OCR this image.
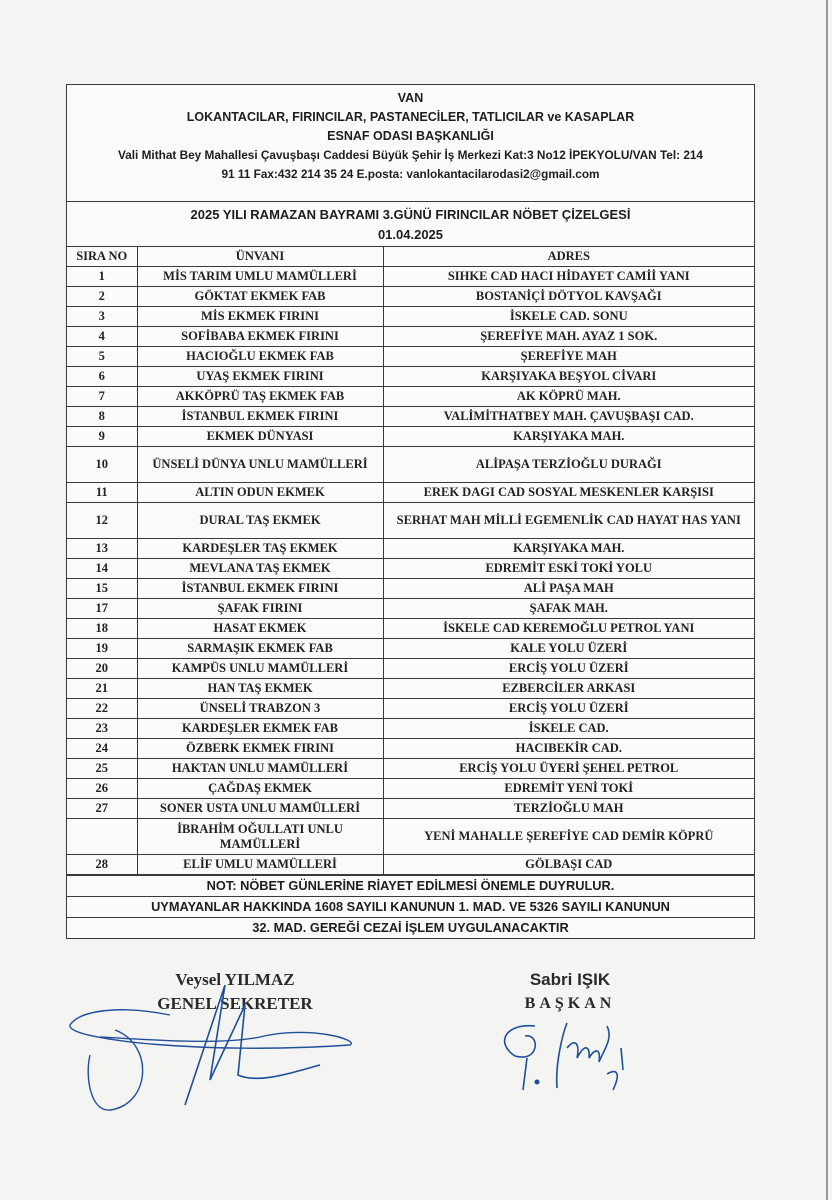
VAN
LOKANTACILAR, FIRINCILAR, PASTANECİLER, TATLICILAR ve KASAPLAR
ESNAF ODASI BAŞKANLIĞI
Vali Mithat Bey Mahallesi Çavuşbaşı Caddesi Büyük Şehir İş Merkezi Kat:3 No12 İPEKYOLU/VAN Tel: 214
91 11 Fax:432 214 35 24 E.posta: vanlokantacilarodasi2@gmail.com
2025 YILI RAMAZAN BAYRAMI 3.GÜNÜ FIRINCILAR NÖBET ÇİZELGESİ
01.04.2025
SIRA NO	ÜNVANI	ADRES
1	MİS TARIM UMLU MAMÜLLERİ	SIHKE CAD HACI HİDAYET CAMİİ YANI
2	GÖKTAT EKMEK FAB	BOSTANİÇİ DÖTYOL KAVŞAĞI
3	MİS EKMEK FIRINI	İSKELE CAD. SONU
4	SOFİBABA EKMEK FIRINI	ŞEREFİYE MAH. AYAZ 1 SOK.
5	HACIOĞLU EKMEK FAB	ŞEREFİYE MAH
6	UYAŞ EKMEK FIRINI	KARŞIYAKA BEŞYOL CİVARI
7	AKKÖPRÜ TAŞ EKMEK FAB	AK KÖPRÜ MAH.
8	İSTANBUL EKMEK FIRINI	VALİMİTHATBEY MAH. ÇAVUŞBAŞI CAD.
9	EKMEK DÜNYASI	KARŞIYAKA MAH.
10	ÜNSELİ DÜNYA UNLU MAMÜLLERİ	ALİPAŞA TERZİOĞLU DURAĞI
11	ALTIN ODUN EKMEK	EREK DAGI CAD SOSYAL MESKENLER KARŞISI
12	DURAL TAŞ EKMEK	SERHAT MAH MİLLİ EGEMENLİK CAD HAYAT HAS YANI
13	KARDEŞLER TAŞ EKMEK	KARŞIYAKA MAH.
14	MEVLANA TAŞ EKMEK	EDREMİT ESKİ TOKİ YOLU
15	İSTANBUL EKMEK FIRINI	ALİ PAŞA MAH
17	ŞAFAK FIRINI	ŞAFAK MAH.
18	HASAT EKMEK	İSKELE CAD KEREMOĞLU PETROL YANI
19	SARMAŞIK EKMEK FAB	KALE YOLU ÜZERİ
20	KAMPÜS UNLU MAMÜLLERİ	ERCİŞ YOLU ÜZERİ
21	HAN TAŞ EKMEK	EZBERCİLER ARKASI
22	ÜNSELİ TRABZON 3	ERCİŞ YOLU ÜZERİ
23	KARDEŞLER EKMEK FAB	İSKELE CAD.
24	ÖZBERK EKMEK FIRINI	HACIBEKİR CAD.
25	HAKTAN UNLU MAMÜLLERİ	ERCİŞ YOLU ÜYERİ ŞEHEL PETROL
26	ÇAĞDAŞ EKMEK	EDREMİT YENİ TOKİ
27	SONER USTA UNLU MAMÜLLERİ	TERZİOĞLU MAH
	İBRAHİM OĞULLATI UNLU MAMÜLLERİ	YENİ MAHALLE ŞEREFİYE CAD DEMİR KÖPRÜ
28	ELİF UMLU MAMÜLLERİ	GÖLBAŞI CAD
NOT: NÖBET GÜNLERİNE RİAYET EDİLMESİ ÖNEMLE DUYRULUR.
UYMAYANLAR HAKKINDA 1608 SAYILI KANUNUN 1. MAD. VE 5326 SAYILI KANUNUN
32. MAD. GEREĞİ CEZAİ İŞLEM UYGULANACAKTIR
Veysel YILMAZ
GENEL SEKRETER
Sabri IŞIK
BAŞKAN
